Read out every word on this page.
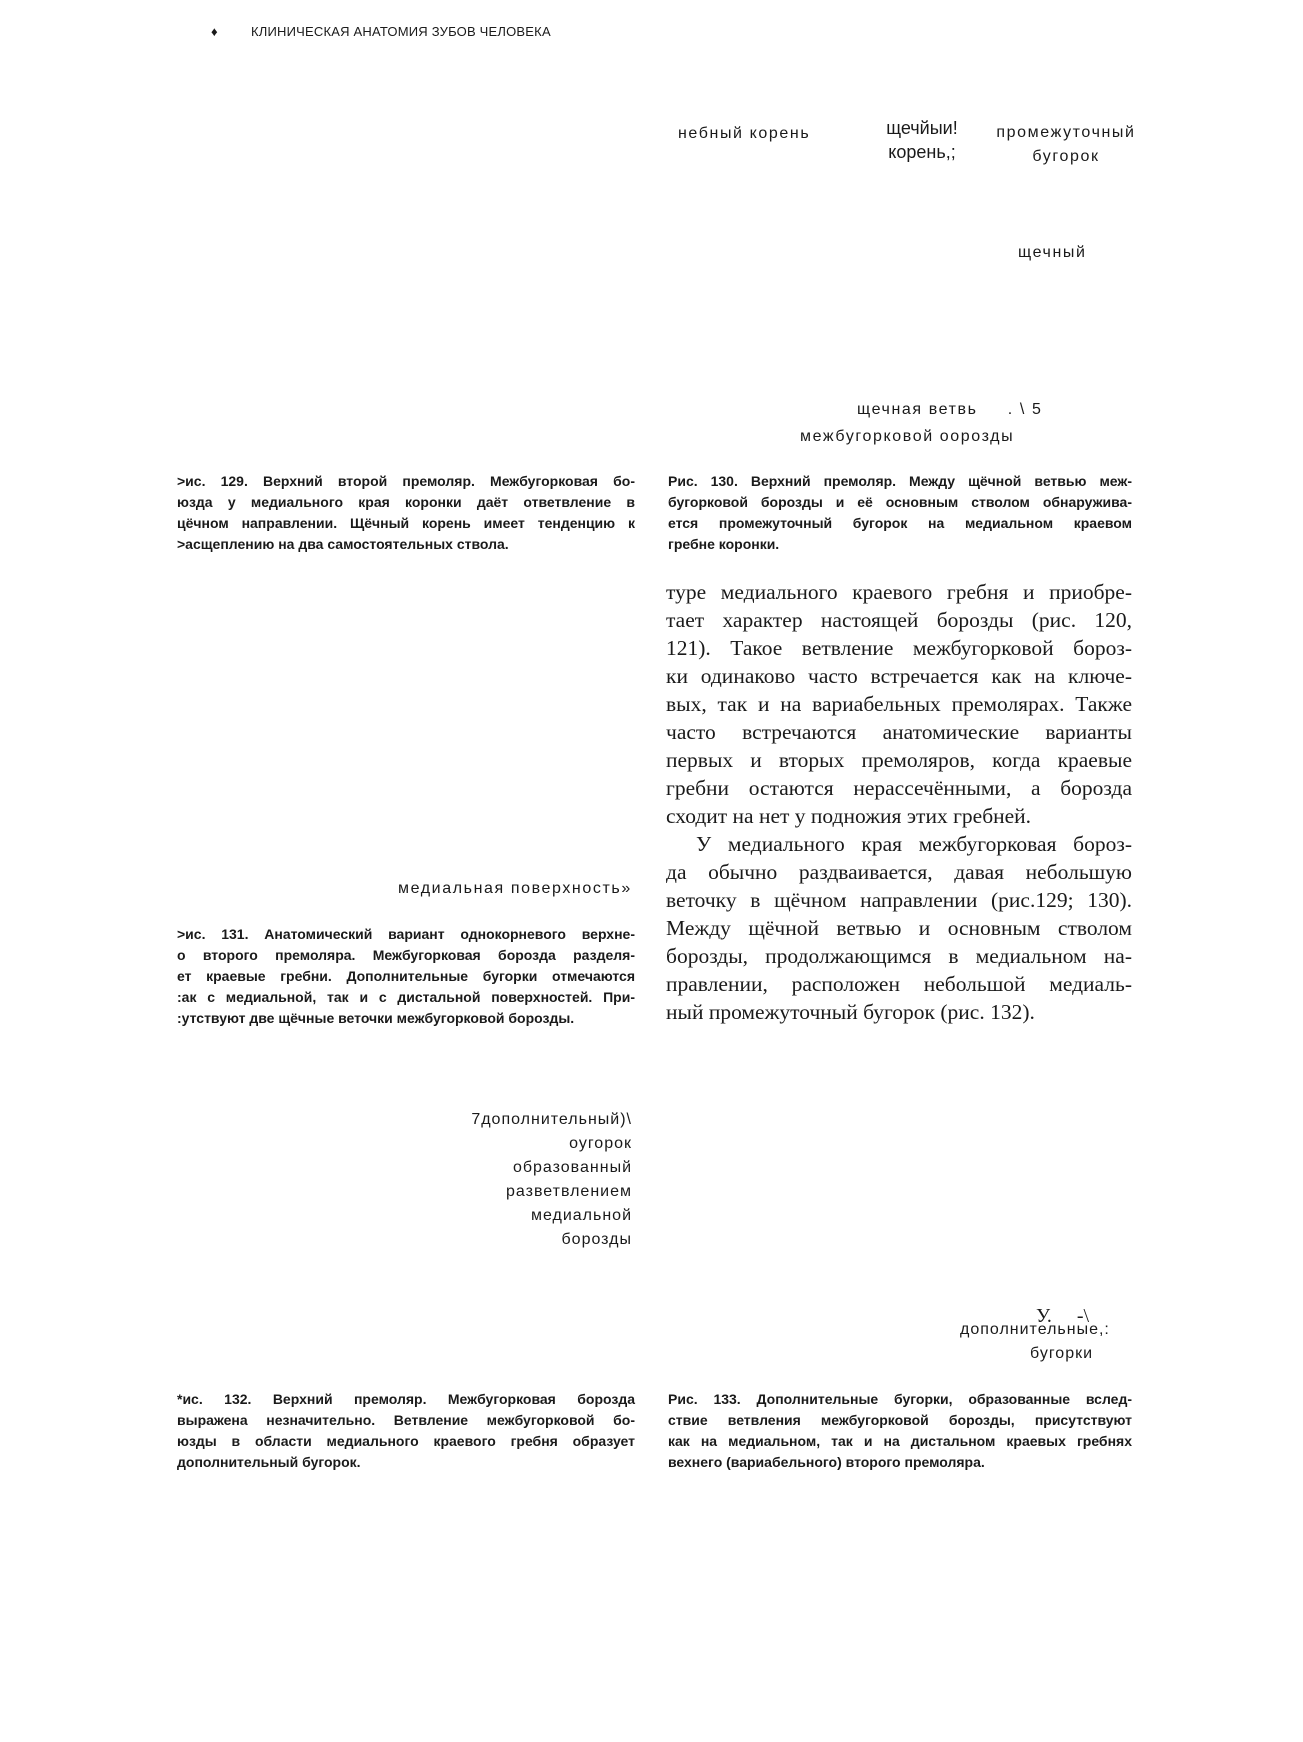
♦	КЛИНИЧЕСКАЯ АНАТОМИЯ ЗУБОВ ЧЕЛОВЕКА
небный корень	щечйыи!
корень,;
промежуточный
бугорок
щечный
щечная ветвь     . \ 5
межбугорковой оорозды
>ис. 129. Верхний второй премоляр. Межбугорковая бо-
юзда у медиального края коронки даёт ответвление в
цёчном направлении. Щёчный корень имеет тенденцию к
>асщеплению на два самостоятельных ствола.
Рис. 130. Верхний премоляр. Между щёчной ветвью меж-
бугорковой борозды и её основным стволом обнаружива-
ется промежуточный бугорок на медиальном краевом
гребне коронки.
медиальная поверхность»
>ис. 131. Анатомический вариант однокорневого верхне-
о второго премоляра. Межбугорковая борозда разделя-
ет краевые гребни. Дополнительные бугорки отмечаются
:ак с медиальной, так и с дистальной поверхностей. При-
:утствуют две щёчные веточки межбугорковой борозды.
7дополнительный)\
оугорок
образованный
разветвлением
медиальной
борозды
У.     -\
дополнительные,:
бугорки
*ис. 132. Верхний премоляр. Межбугорковая борозда
выражена незначительно. Ветвление межбугорковой бо-
юзды в области медиального краевого гребня образует
дополнительный бугорок.
Рис. 133. Дополнительные бугорки, образованные вслед-
ствие ветвления межбугорковой борозды, присутствуют
как на медиальном, так и на дистальном краевых гребнях
вехнего (вариабельного) второго премоляра.
туре медиального краевого гребня и приобре-
тает характер настоящей борозды (рис. 120,
121). Такое ветвление межбугорковой бороз-
ки одинаково часто встречается как на ключе-
вых, так и на вариабельных премолярах. Также
часто встречаются анатомические варианты
первых и вторых премоляров, когда краевые
гребни остаются нерассечёнными, а борозда
сходит на нет у подножия этих гребней.
У медиального края межбугорковая бороз-
да обычно раздваивается, давая небольшую
веточку в щёчном направлении (рис.129; 130).
Между щёчной ветвью и основным стволом
борозды, продолжающимся в медиальном на-
правлении, расположен небольшой медиаль-
ный промежуточный бугорок (рис. 132).
